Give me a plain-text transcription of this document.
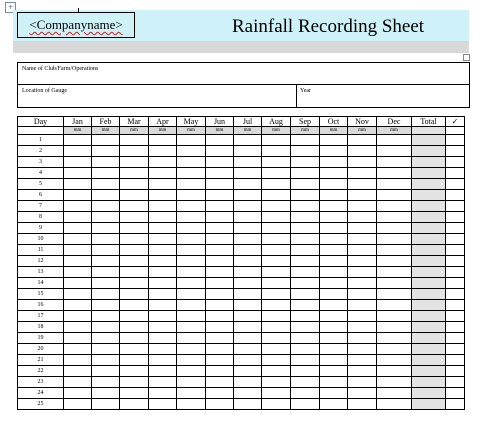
+
<Companyname>	Rainfall Recording Sheet
Name of Club/Farm/Operations
Location of Gauge	Year
Day	Jan	Feb	Mar	Apr	May	Jun	Jul	Aug	Sep	Oct	Nov	Dec	Total	✓
	mm	mm	mm	mm	mm	mm	mm	mm	mm	mm	mm	mm		
1														
2														
3														
4														
5														
6														
7														
8														
9														
10														
11														
12														
13														
14														
15														
16														
17														
18														
19														
20														
21														
22														
23														
24														
25														
